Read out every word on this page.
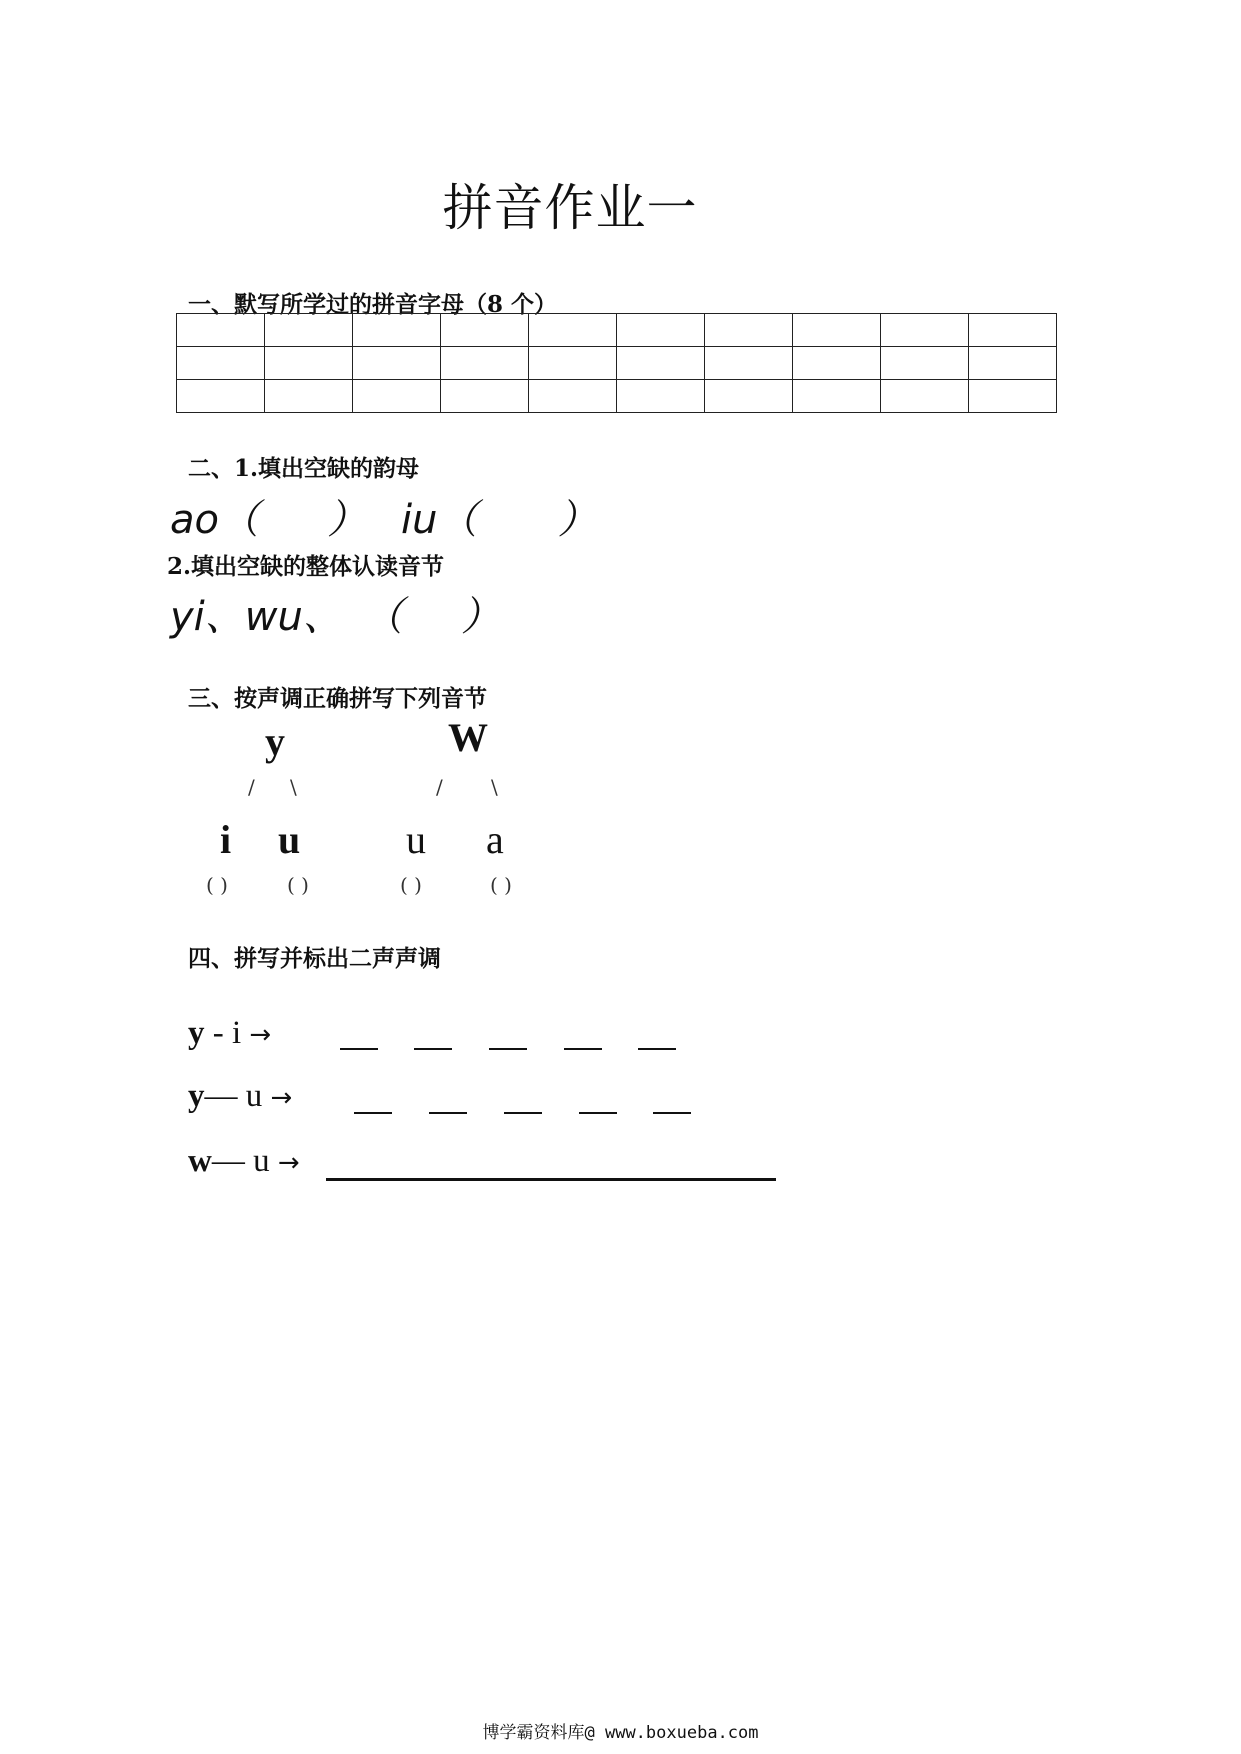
拼音作业一
一、默写所学过的拼音字母（8 个）

二、1.填出空缺的韵母
ao（ ） iu（ ）
2.填出空缺的整体认读音节
yi、wu、 （ ）
三、按声调正确拼写下列音节
y	W
/ \	/ \
i u	u a
( )	( )	( )	( )
四、拼写并标出二声声调
y - i →
y— u →
w— u →
博学霸资料库@ www.boxueba.com
